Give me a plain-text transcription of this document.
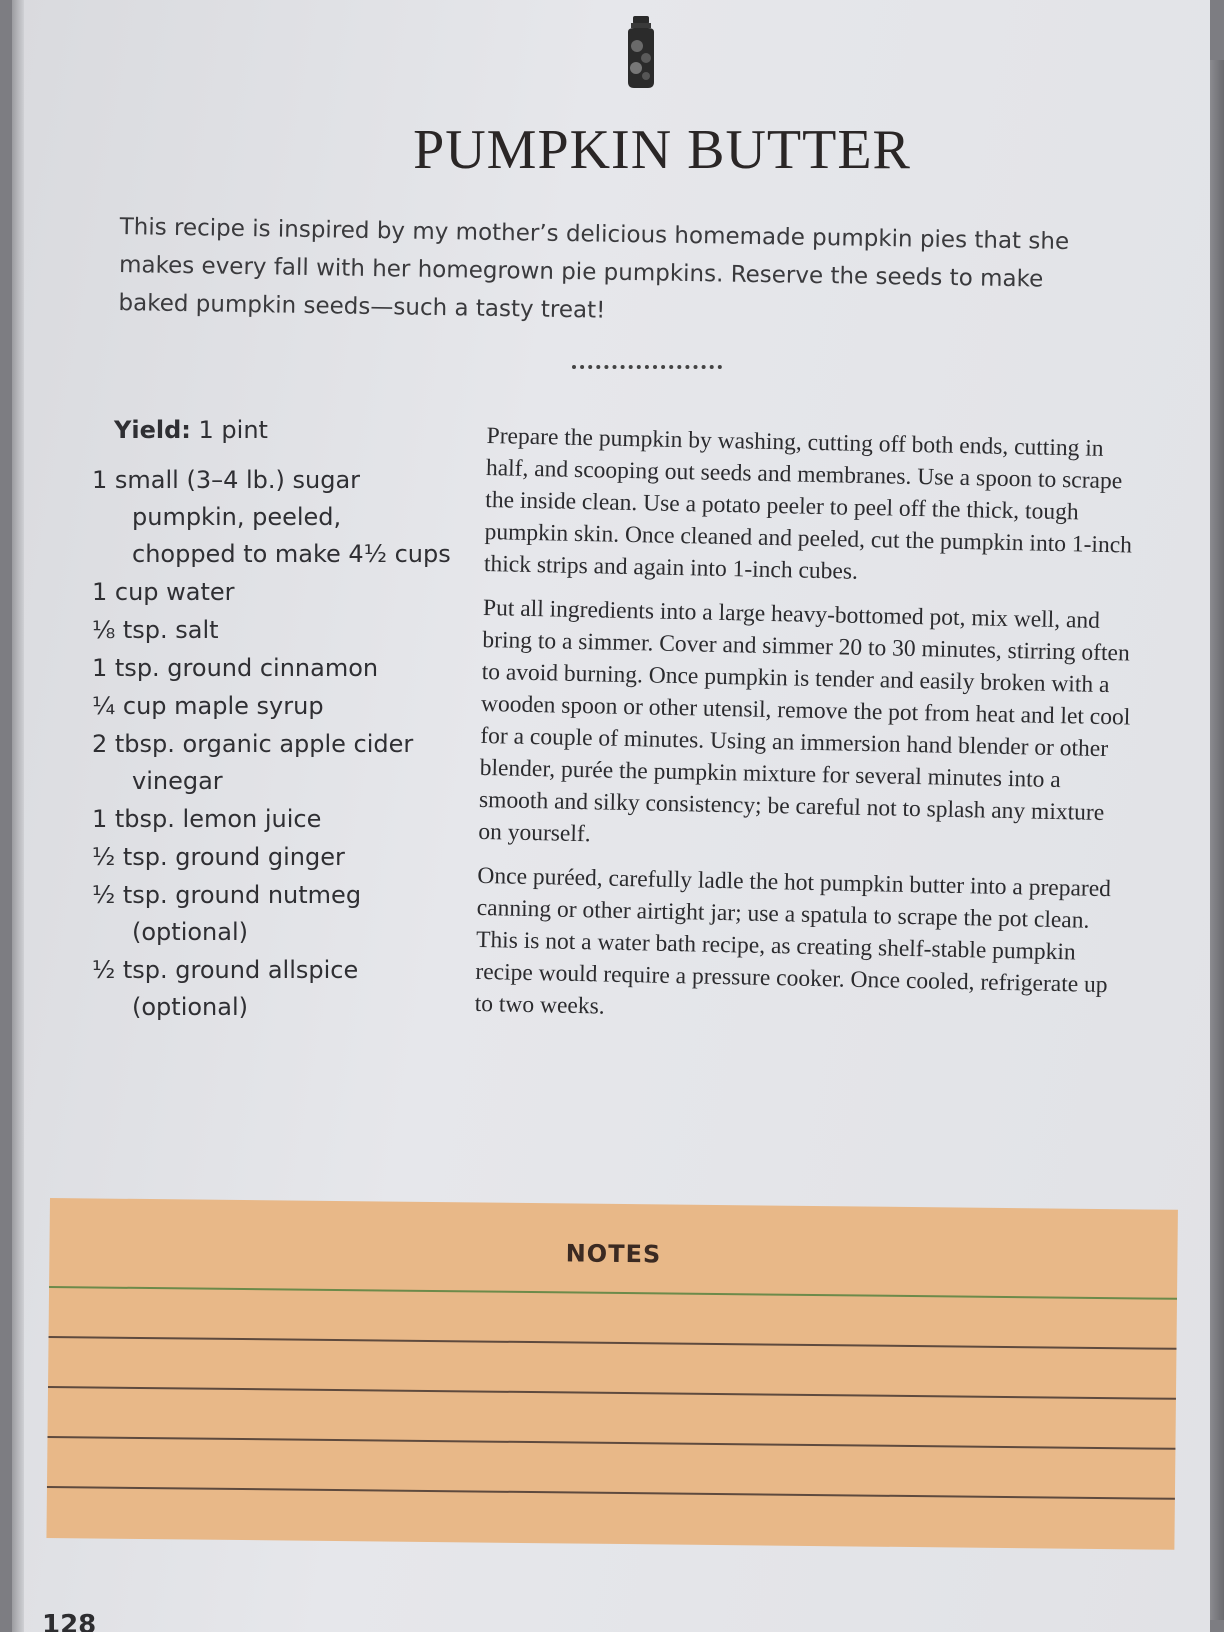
PUMPKIN BUTTER
This recipe is inspired by my mother’s delicious homemade pumpkin pies that she makes every fall with her homegrown pie pumpkins. Reserve the seeds to make baked pumpkin seeds—such a tasty treat!
Yield: 1 pint
1 small (3–4 lb.) sugar pumpkin, peeled, chopped to make 4½ cups
1 cup water
⅛ tsp. salt
1 tsp. ground cinnamon
¼ cup maple syrup
2 tbsp. organic apple cider vinegar
1 tbsp. lemon juice
½ tsp. ground ginger
½ tsp. ground nutmeg (optional)
½ tsp. ground allspice (optional)

Prepare the pumpkin by washing, cutting off both ends, cutting in half, and scooping out seeds and membranes. Use a spoon to scrape the inside clean. Use a potato peeler to peel off the thick, tough pumpkin skin. Once cleaned and peeled, cut the pumpkin into 1-inch thick strips and again into 1-inch cubes.

Put all ingredients into a large heavy-bottomed pot, mix well, and bring to a simmer. Cover and simmer 20 to 30 minutes, stirring often to avoid burning. Once pumpkin is tender and easily broken with a wooden spoon or other utensil, remove the pot from heat and let cool for a couple of minutes. Using an immersion hand blender or other blender, purée the pumpkin mixture for several minutes into a smooth and silky consistency; be careful not to splash any mixture on yourself.

Once puréed, carefully ladle the hot pumpkin butter into a prepared canning or other airtight jar; use a spatula to scrape the pot clean. This is not a water bath recipe, as creating shelf-stable pumpkin recipe would require a pressure cooker. Once cooled, refrigerate up to two weeks.

NOTES
128
